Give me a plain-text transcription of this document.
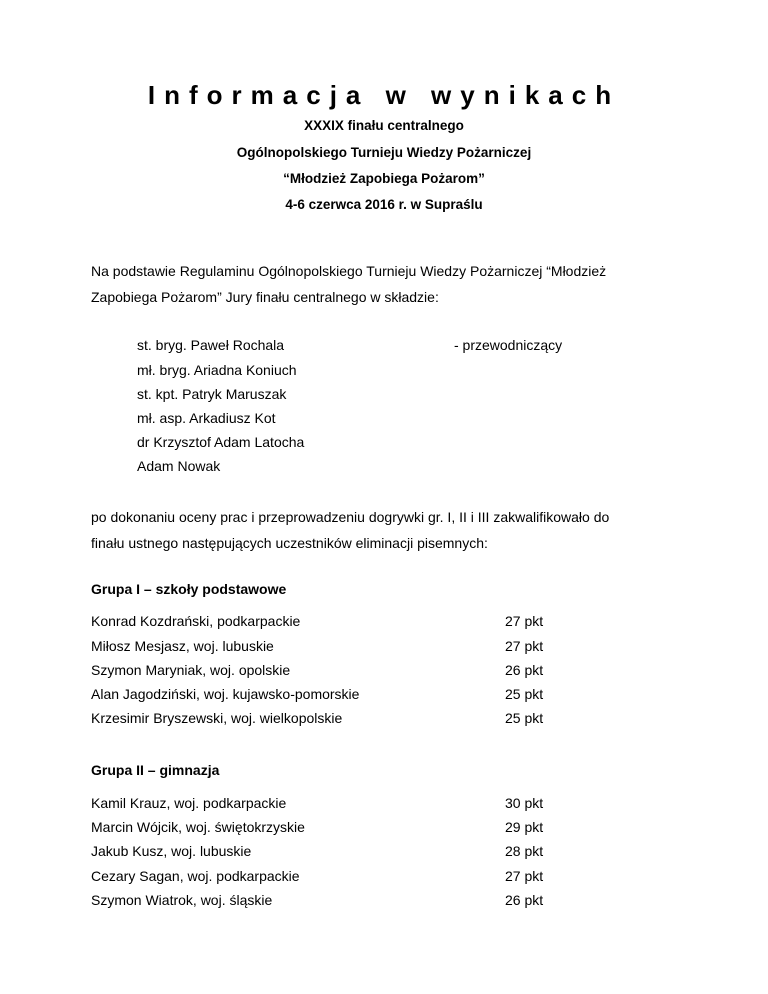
Informacja w wynikach
XXXIX finału centralnego
Ogólnopolskiego Turnieju Wiedzy Pożarniczej
“Młodzież Zapobiega Pożarom”
4-6 czerwca 2016 r. w Supraślu
Na podstawie Regulaminu Ogólnopolskiego Turnieju Wiedzy Pożarniczej “Młodzież
Zapobiega Pożarom” Jury finału centralnego w składzie:
st. bryg. Paweł Rochala	- przewodniczący
mł. bryg. Ariadna Koniuch
st. kpt. Patryk Maruszak
mł. asp. Arkadiusz Kot
dr Krzysztof Adam Latocha
Adam Nowak
po dokonaniu oceny prac i przeprowadzeniu dogrywki gr. I, II i III zakwalifikowało do
finału ustnego następujących uczestników eliminacji pisemnych:
Grupa I – szkoły podstawowe
Konrad Kozdrański, podkarpackie	27 pkt
Miłosz Mesjasz, woj. lubuskie	27 pkt
Szymon Maryniak, woj. opolskie	26 pkt
Alan Jagodziński, woj. kujawsko-pomorskie	25 pkt
Krzesimir Bryszewski, woj. wielkopolskie	25 pkt
Grupa II – gimnazja
Kamil Krauz, woj. podkarpackie	30 pkt
Marcin Wójcik, woj. świętokrzyskie	29 pkt
Jakub Kusz, woj. lubuskie	28 pkt
Cezary Sagan, woj. podkarpackie	27 pkt
Szymon Wiatrok, woj. śląskie	26 pkt
